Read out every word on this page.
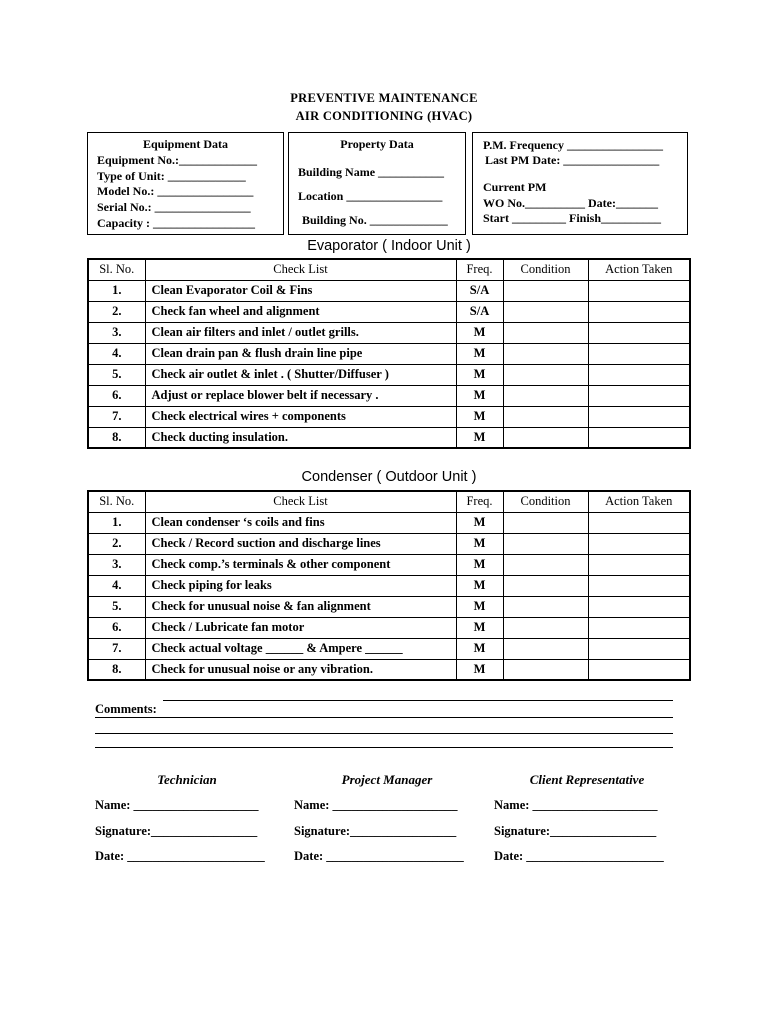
PREVENTIVE MAINTENANCE
AIR CONDITIONING (HVAC)
Equipment Data
Equipment No.:_____________
Type of Unit: _____________
Model No.: ________________
Serial No.: ________________
Capacity : _________________
Property Data
Building Name ___________
Location ________________
Building No. _____________
P.M. Frequency ________________
Last PM Date: ________________
Current PM
WO No.__________ Date:_______
Start _________ Finish__________
Evaporator ( Indoor Unit )
Sl. No.	Check List	Freq.	Condition	Action Taken
1.	Clean Evaporator Coil & Fins	S/A		
2.	Check fan wheel and alignment	S/A		
3.	Clean air filters and inlet / outlet grills.	M		
4.	Clean drain pan & flush drain line pipe	M		
5.	Check air outlet & inlet . ( Shutter/Diffuser )	M		
6.	Adjust or replace blower belt if necessary .	M		
7.	Check electrical wires + components	M		
8.	Check ducting insulation.	M		
Condenser ( Outdoor Unit )
Sl. No.	Check List	Freq.	Condition	Action Taken
1.	Clean condenser ‘s coils and fins	M		
2.	Check / Record suction and discharge lines	M		
3.	Check comp.’s terminals & other component	M		
4.	Check piping for leaks	M		
5.	Check for unusual noise & fan alignment	M		
6.	Check / Lubricate fan motor	M		
7.	Check actual voltage ______ & Ampere ______	M		
8.	Check for unusual noise or any vibration.	M		
Comments:
Technician	Project Manager	Client Representative
Name: ____________________
Signature:_________________
Date: ______________________
Name: ____________________
Signature:_________________
Date: ______________________
Name: ____________________
Signature:_________________
Date: ______________________
